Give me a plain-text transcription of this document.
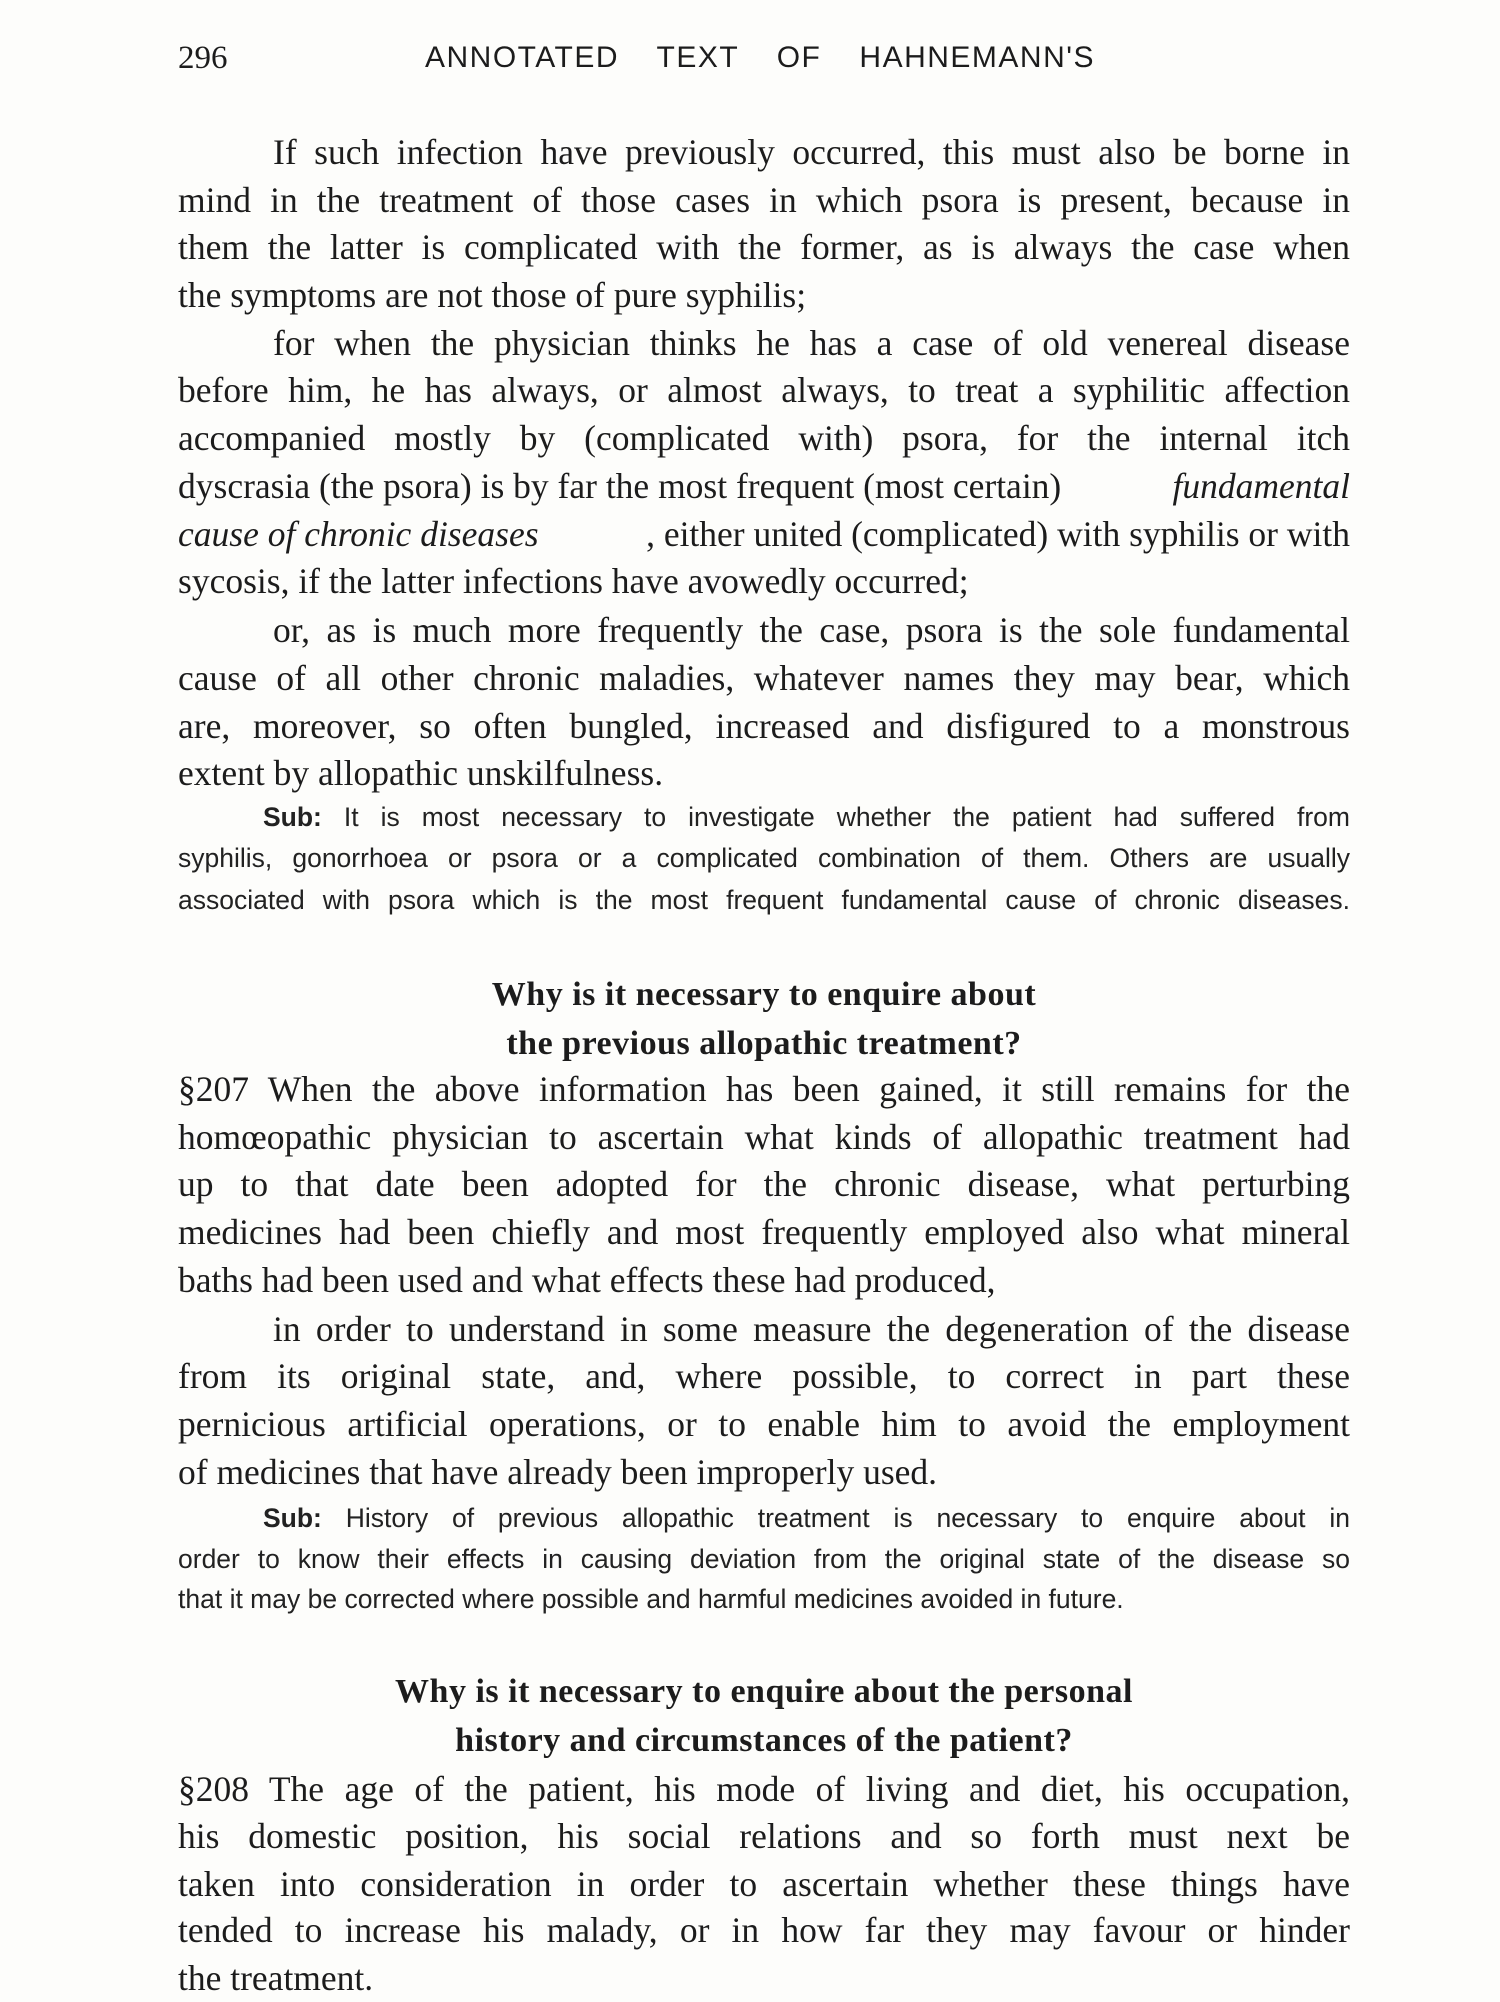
296	ANNOTATED TEXT OF HAHNEMANN'S
If such infection have previously occurred, this must also be borne in
mind in the treatment of those cases in which psora is present, because in
them the latter is complicated with the former, as is always the case when
the symptoms are not those of pure syphilis;
for when the physician thinks he has a case of old venereal disease
before him, he has always, or almost always, to treat a syphilitic affection
accompanied mostly by (complicated with) psora, for the internal itch
dyscrasia (the psora) is by far the most frequent (most certain)	fundamental
cause of chronic diseases	, either united (complicated) with syphilis or with
sycosis, if the latter infections have avowedly occurred;
or, as is much more frequently the case, psora is the sole fundamental
cause of all other chronic maladies, whatever names they may bear, which
are, moreover, so often bungled, increased and disfigured to a monstrous
extent by allopathic unskilfulness.
Sub: It is most necessary to investigate whether the patient had suffered from
syphilis, gonorrhoea or psora or a complicated combination of them. Others are usually
associated with psora which is the most frequent fundamental cause of chronic diseases.
Why is it necessary to enquire about
the previous allopathic treatment?
§207 When the above information has been gained, it still remains for the
homœopathic physician to ascertain what kinds of allopathic treatment had
up to that date been adopted for the chronic disease, what perturbing
medicines had been chiefly and most frequently employed also what mineral
baths had been used and what effects these had produced,
in order to understand in some measure the degeneration of the disease
from its original state, and, where possible, to correct in part these
pernicious artificial operations, or to enable him to avoid the employment
of medicines that have already been improperly used.
Sub: History of previous allopathic treatment is necessary to enquire about in
order to know their effects in causing deviation from the original state of the disease so
that it may be corrected where possible and harmful medicines avoided in future.
Why is it necessary to enquire about the personal
history and circumstances of the patient?
§208 The age of the patient, his mode of living and diet, his occupation,
his domestic position, his social relations and so forth must next be
taken into consideration in order to ascertain whether these things have
tended to increase his malady, or in how far they may favour or hinder
the treatment.
